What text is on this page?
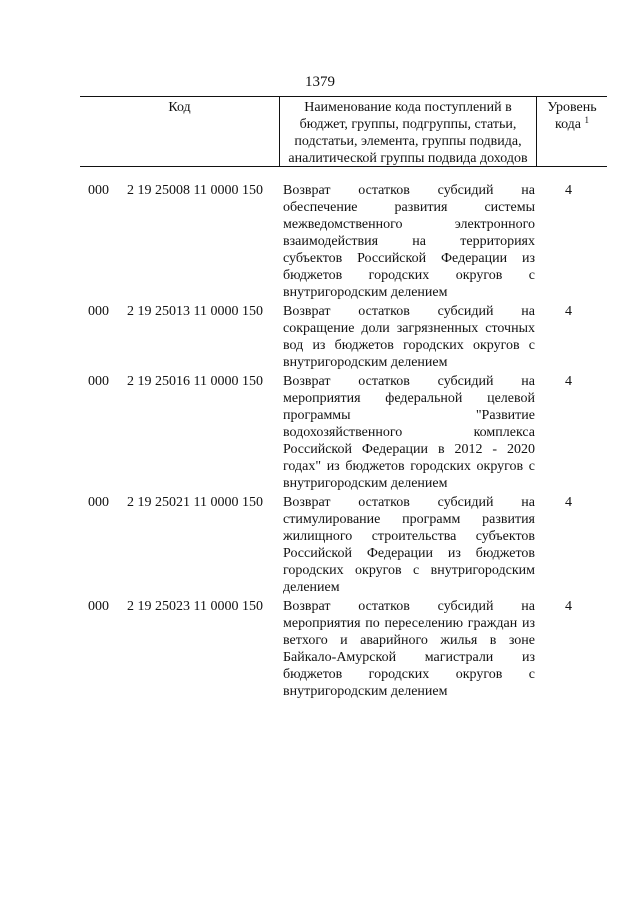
1379
Код	Наименование кода поступлений в
бюджет, группы, подгруппы, статьи,
подстатьи, элемента, группы подвида,
аналитической группы подвида доходов
Уровень
кода $^1$
000 2 19 25008 11 0000 150 Возврат остатков субсидий на обеспечение развития системы межведомственного электронного взаимодействия на территориях субъектов Российской Федерации из бюджетов городских округов с внутригородским делением
4
000 2 19 25013 11 0000 150 Возврат остатков субсидий на сокращение доли загрязненных сточных вод из бюджетов городских округов с внутригородским делением
4
000 2 19 25016 11 0000 150 Возврат остатков субсидий на мероприятия федеральной целевой программы "Развитие водохозяйственного комплекса Российской Федерации в 2012 - 2020 годах" из бюджетов городских округов с внутригородским делением
4
000 2 19 25021 11 0000 150 Возврат остатков субсидий на стимулирование программ развития жилищного строительства субъектов Российской Федерации из бюджетов городских округов с внутригородским делением
4
000 2 19 25023 11 0000 150 Возврат остатков субсидий на мероприятия по переселению граждан из ветхого и аварийного жилья в зоне Байкало-Амурской магистрали из бюджетов городских округов с внутригородским делением
4
